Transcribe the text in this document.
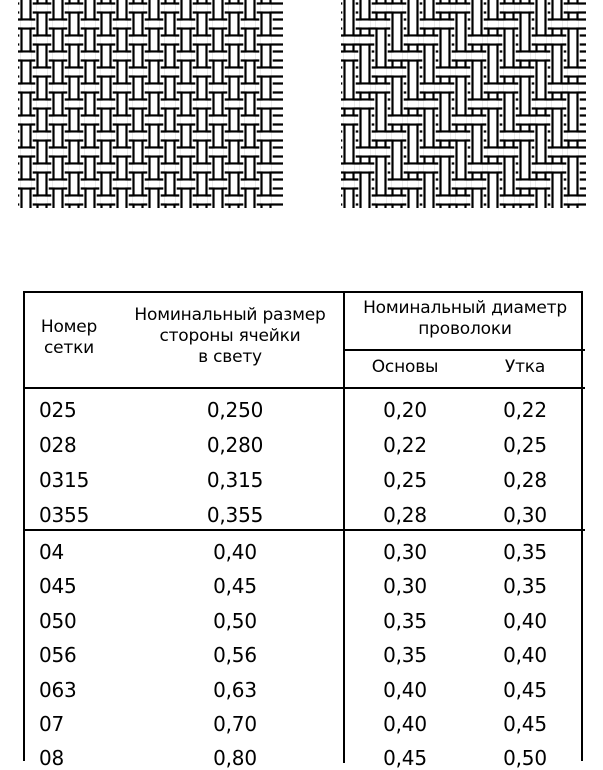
Номер
сетки
Номинальный размер
стороны ячейки
в свету
Номинальный диаметр
проволоки
Основы	Утка
025	0,250	0,20	0,22
028	0,280	0,22	0,25
0315	0,315	0,25	0,28
0355	0,355	0,28	0,30
04	0,40	0,30	0,35
045	0,45	0,30	0,35
050	0,50	0,35	0,40
056	0,56	0,35	0,40
063	0,63	0,40	0,45
07	0,70	0,40	0,45
08	0,80	0,45	0,50
